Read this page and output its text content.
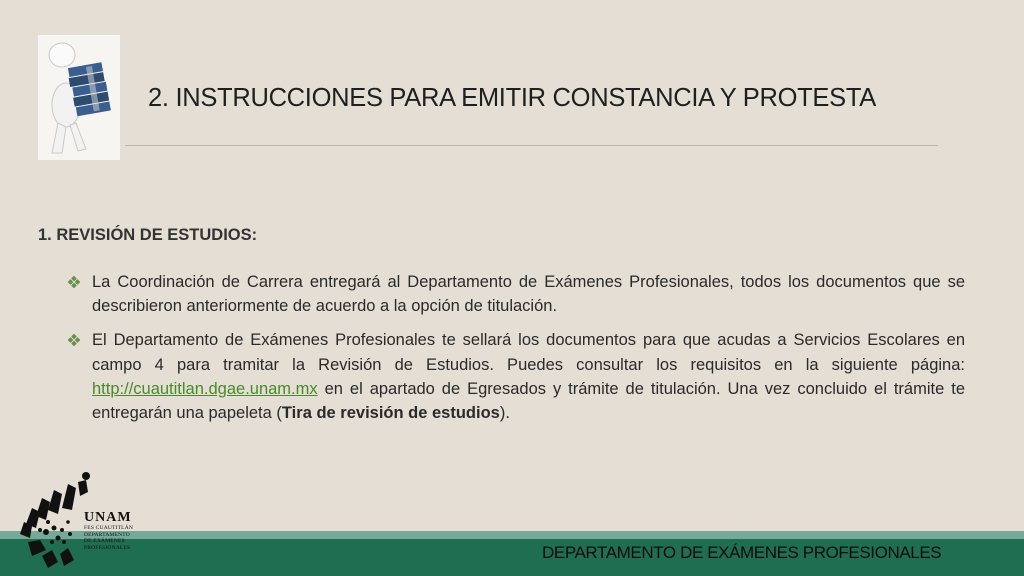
2. INSTRUCCIONES PARA EMITIR CONSTANCIA Y PROTESTA
1. REVISIÓN DE ESTUDIOS:
La Coordinación de Carrera entregará al Departamento de Exámenes Profesionales, todos los documentos que se describieron anteriormente de acuerdo a la opción de titulación.
El Departamento de Exámenes Profesionales te sellará los documentos para que acudas a Servicios Escolares en campo 4 para tramitar la Revisión de Estudios. Puedes consultar los requisitos en la siguiente página: http://cuautitlan.dgae.unam.mx en el apartado de Egresados y trámite de titulación. Una vez concluido el trámite te entregarán una papeleta (Tira de revisión de estudios).
DEPARTAMENTO DE EXÁMENES PROFESIONALES
UNAM
FES CUAUTITLÁN
DEPARTAMENTO
DE EXÁMENES
PROFESIONALES
